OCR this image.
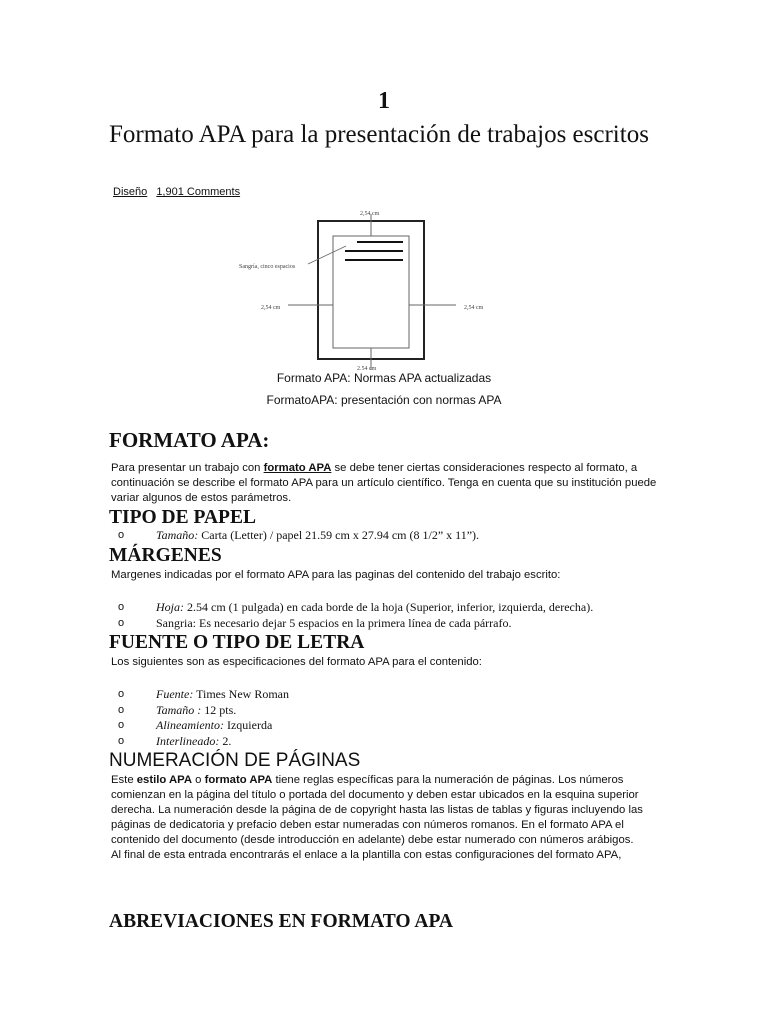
1
Formato APA para la presentación de trabajos escritos
Diseño 1,901 Comments
2,54 cm
Sangría, cinco espacios
2,54 cm	2,54 cm
2,54 cm
Formato APA: Normas APA actualizadas
FormatoAPA: presentación con normas APA
FORMATO APA:

Para presentar un trabajo con formato APA se debe tener ciertas consideraciones respecto al formato, a continuación se describe el formato APA para un artículo científico. Tenga en cuenta que su institución puede variar algunos de estos parámetros.

TIPO DE PAPEL
o	Tamaño: Carta (Letter) / papel 21.59 cm x 27.94 cm (8 1/2” x 11”).
MÁRGENES

Margenes indicadas por el formato APA para las paginas del contenido del trabajo escrito:

o	Hoja: 2.54 cm (1 pulgada) en cada borde de la hoja (Superior, inferior, izquierda, derecha).
o	Sangria: Es necesario dejar 5 espacios en la primera línea de cada párrafo.
FUENTE O TIPO DE LETRA

Los siguientes son as especificaciones del formato APA para el contenido:

o	Fuente: Times New Roman
o	Tamaño : 12 pts.
o	Alineamiento: Izquierda
o	Interlineado: 2.
NUMERACIÓN DE PÁGINAS

Este estilo APA o formato APA tiene reglas específicas para la numeración de páginas. Los números comienzan en la página del título o portada del documento y deben estar ubicados en la esquina superior derecha. La numeración desde la página de de copyright hasta las listas de tablas y figuras incluyendo las páginas de dedicatoria y prefacio deben estar numeradas con números romanos. En el formato APA el contenido del documento (desde introducción en adelante) debe estar numerado con números arábigos.
Al final de esta entrada encontrarás el enlace a la plantilla con estas configuraciones del formato APA,

ABREVIACIONES EN FORMATO APA
